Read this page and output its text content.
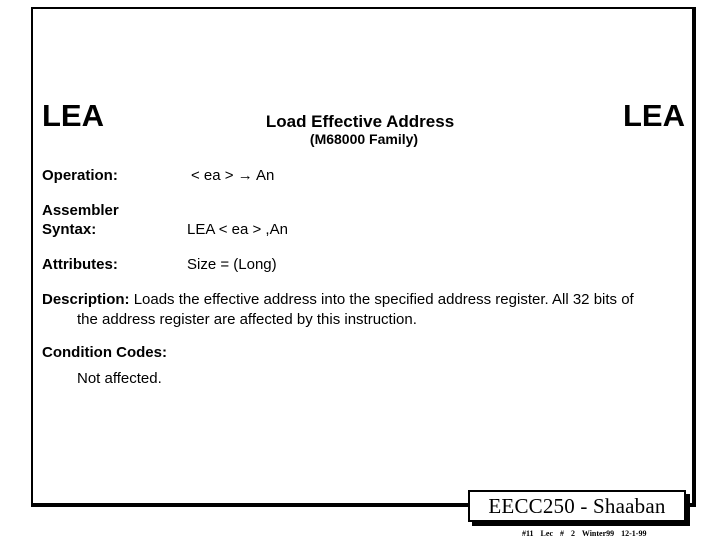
LEA	Load Effective Address
(M68000 Family)
LEA
Operation:	< ea > → An
Assembler
Syntax:	LEA < ea > ,An
Attributes:	Size = (Long)
Description: Loads the effective address into the specified address register. All 32 bits of
the address register are affected by this instruction.
Condition Codes:
Not affected.
EECC250 - Shaaban
#11 Lec # 2 Winter99 12-1-99
